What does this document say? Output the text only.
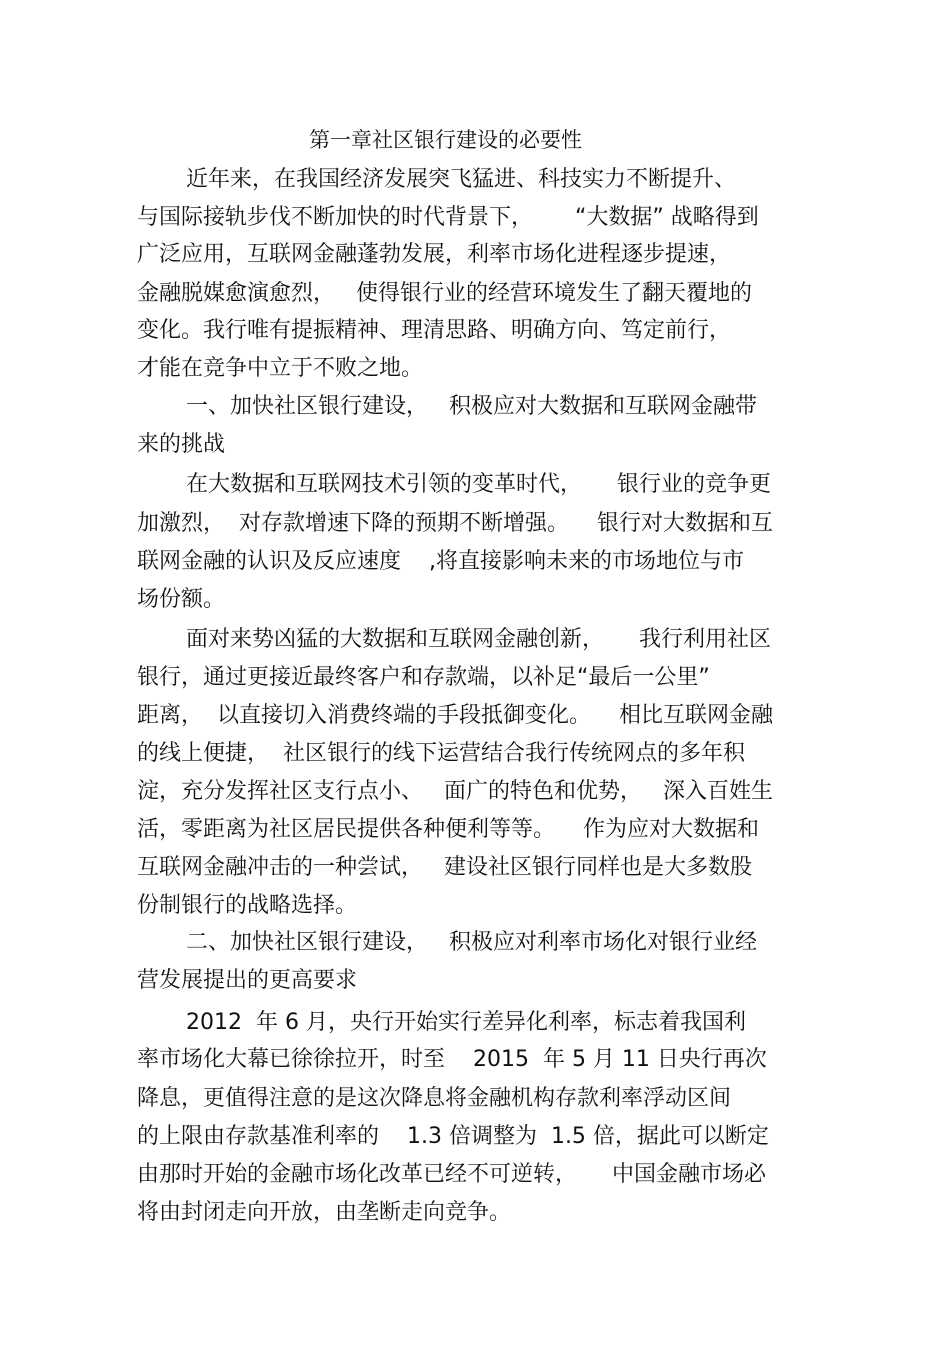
第一章社区银行建设的必要性
近年来，在我国经济发展突飞猛进、科技实力不断提升、
与国际接轨步伐不断加快的时代背景下，      “大数据” 战略得到
广泛应用，互联网金融蓬勃发展，利率市场化进程逐步提速，
金融脱媒愈演愈烈，   使得银行业的经营环境发生了翻天覆地的
变化。我行唯有提振精神、理清思路、明确方向、笃定前行，
才能在竞争中立于不败之地。
一、加快社区银行建设，   积极应对大数据和互联网金融带
来的挑战
在大数据和互联网技术引领的变革时代，     银行业的竞争更
加激烈，  对存款增速下降的预期不断增强。    银行对大数据和互
联网金融的认识及反应速度    ,将直接影响未来的市场地位与市
场份额。
面对来势凶猛的大数据和互联网金融创新，     我行利用社区
银行，通过更接近最终客户和存款端，以补足“最后一公里”
距离，  以直接切入消费终端的手段抵御变化。    相比互联网金融
的线上便捷，  社区银行的线下运营结合我行传统网点的多年积
淀，充分发挥社区支行点小、   面广的特色和优势，   深入百姓生
活，零距离为社区居民提供各种便利等等。    作为应对大数据和
互联网金融冲击的一种尝试，   建设社区银行同样也是大多数股
份制银行的战略选择。
二、加快社区银行建设，   积极应对利率市场化对银行业经
营发展提出的更高要求
2012  年 6 月，央行开始实行差异化利率，标志着我国利
率市场化大幕已徐徐拉开，时至    2015  年 5 月 11 日央行再次
降息，更值得注意的是这次降息将金融机构存款利率浮动区间
的上限由存款基准利率的    1.3 倍调整为  1.5 倍，据此可以断定
由那时开始的金融市场化改革已经不可逆转，     中国金融市场必
将由封闭走向开放，由垄断走向竞争。
